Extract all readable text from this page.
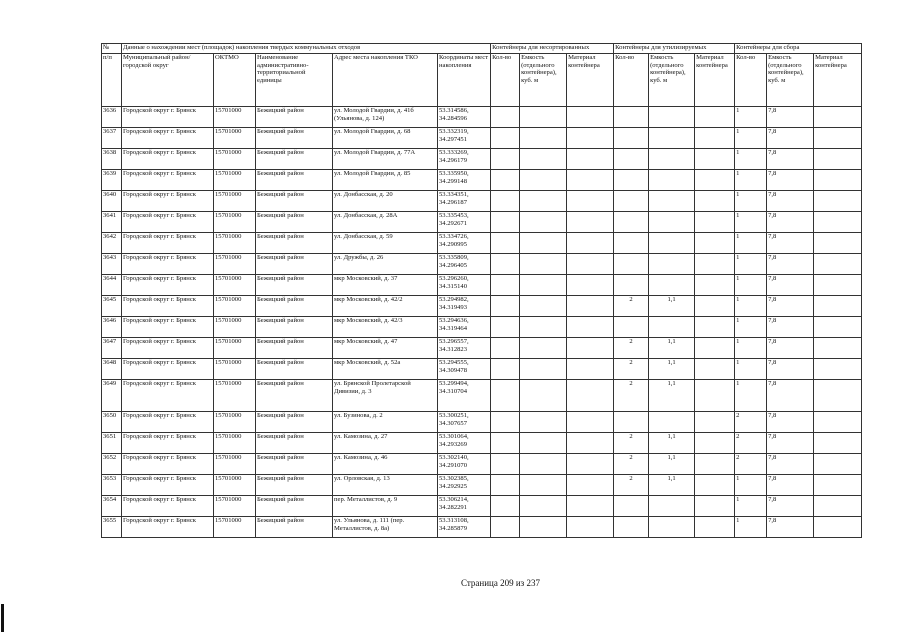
№	Данные о нахождении мест (площадок) накопления твердых коммунальных отходов					Контейнеры для несортированных			Контейнеры для утилизируемых			Контейнеры для сбора		
п/п	Муниципальный район/городской округ	ОКТМО	Наименование административно-территориальной единицы	Адрес места накопления ТКО	Координаты мест накопления	Кол-во	Емкость (отдельного контейнера), куб. м	Материал контейнера	Кол-во	Емкость (отдельного контейнера), куб. м	Материал контейнера	Кол-во	Емкость (отдельного контейнера), куб. м	Материал контейнера
3636	Городской округ г. Брянск	15701000	Бежицкий район	ул. Молодой Гвардии, д. 41б (Ульянова, д. 124)	53.314586, 34.284596							1	7,8	
3637	Городской округ г. Брянск	15701000	Бежицкий район	ул. Молодой Гвардии, д. 68	53.332319, 34.297451							1	7,8	
3638	Городской округ г. Брянск	15701000	Бежицкий район	ул. Молодой Гвардии, д. 77А	53.333269, 34.296179							1	7,8	
3639	Городской округ г. Брянск	15701000	Бежицкий район	ул. Молодой Гвардии, д. 85	53.335950, 34.299148							1	7,8	
3640	Городской округ г. Брянск	15701000	Бежицкий район	ул. Донбасская, д. 20	53.334351, 34.296187							1	7,8	
3641	Городской округ г. Брянск	15701000	Бежицкий район	ул. Донбасская, д. 28А	53.335453, 34.292671							1	7,8	
3642	Городской округ г. Брянск	15701000	Бежицкий район	ул. Донбасская, д. 59	53.334726, 34.290995							1	7,8	
3643	Городской округ г. Брянск	15701000	Бежицкий район	ул. Дружбы, д. 26	53.335809, 34.296405							1	7,8	
3644	Городской округ г. Брянск	15701000	Бежицкий район	мкр Московский, д. 37	53.296260, 34.315140							1	7,8	
3645	Городской округ г. Брянск	15701000	Бежицкий район	мкр Московский, д. 42/2	53.294982, 34.319493				2	1,1		1	7,8	
3646	Городской округ г. Брянск	15701000	Бежицкий район	мкр Московский, д. 42/3	53.294636, 34.319464							1	7,8	
3647	Городской округ г. Брянск	15701000	Бежицкий район	мкр Московский, д. 47	53.296557, 34.312823				2	1,1		1	7,8	
3648	Городской округ г. Брянск	15701000	Бежицкий район	мкр Московский, д. 52а	53.294555, 34.309478				2	1,1		1	7,8	
3649	Городской округ г. Брянск	15701000	Бежицкий район	ул. Брянской Пролетарской Дивизии, д. 3	53.299494, 34.310704				2	1,1		1	7,8	
3650	Городской округ г. Брянск	15701000	Бежицкий район	ул. Бузинова, д. 2	53.300251, 34.307657							2	7,8	
3651	Городской округ г. Брянск	15701000	Бежицкий район	ул. Камозина, д. 27	53.301064, 34.293269				2	1,1		2	7,8	
3652	Городской округ г. Брянск	15701000	Бежицкий район	ул. Камозина, д. 46	53.302140, 34.291070				2	1,1		2	7,8	
3653	Городской округ г. Брянск	15701000	Бежицкий район	ул. Орловская, д. 13	53.302385, 34.292925				2	1,1		1	7,8	
3654	Городской округ г. Брянск	15701000	Бежицкий район	пер. Металлистов, д. 9	53.306214, 34.282291							1	7,8	
3655	Городской округ г. Брянск	15701000	Бежицкий район	ул. Ульянова, д. 111 (пер. Металлистов, д. 8а)	53.313108, 34.285879							1	7,8	
Страница 209 из 237
